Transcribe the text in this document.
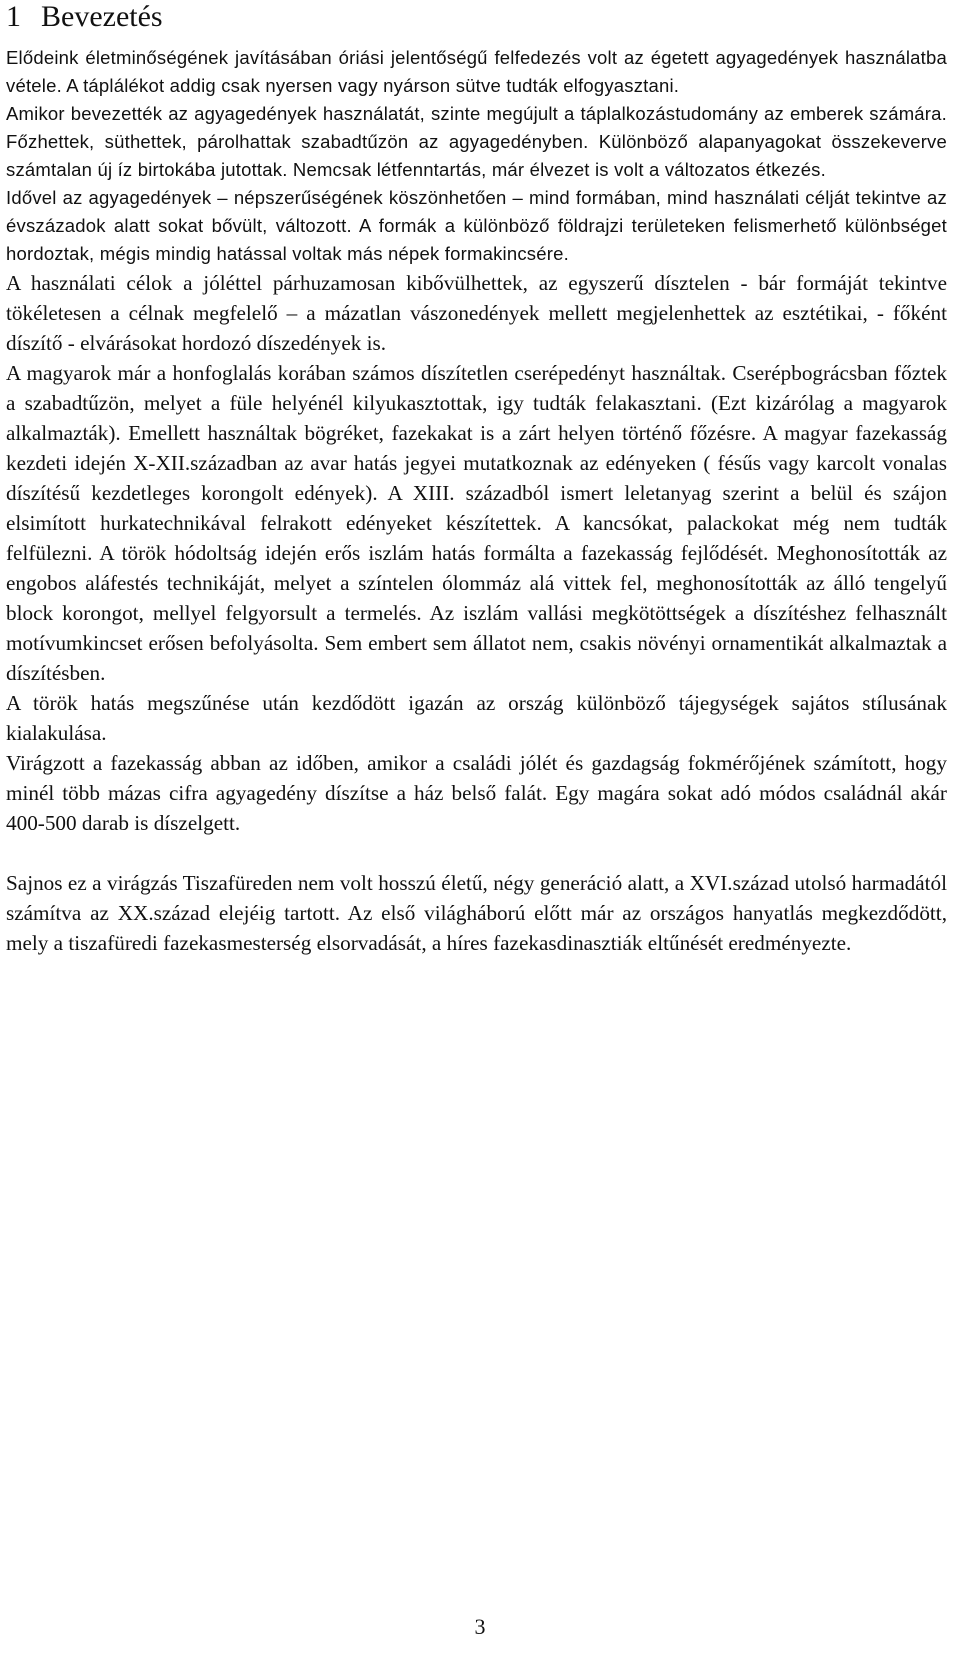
1 Bevezetés

Elődeink életminőségének javításában óriási jelentőségű felfedezés volt az égetett agyagedények használatba vétele. A táplálékot addig csak nyersen vagy nyárson sütve tudták elfogyasztani.

Amikor bevezették az agyagedények használatát, szinte megújult a táplalkozástudomány az emberek számára. Főzhettek, süthettek, párolhattak szabadtűzön az agyagedényben. Különböző alapanyagokat összekeverve számtalan új íz birtokába jutottak. Nemcsak létfenntartás, már élvezet is volt a változatos étkezés.

Idővel az agyagedények – népszerűségének köszönhetően – mind formában, mind használati célját tekintve az évszázadok alatt sokat bővült, változott. A formák a különböző földrajzi területeken felismerhető különbséget hordoztak, mégis mindig hatással voltak más népek formakincsére.

A használati célok a jóléttel párhuzamosan kibővülhettek, az egyszerű dísztelen - bár formáját tekintve tökéletesen a célnak megfelelő – a mázatlan vászonedények mellett megjelenhettek az esztétikai, - főként díszítő - elvárásokat hordozó díszedények is.

A magyarok már a honfoglalás korában számos díszítetlen cserépedényt használtak. Cserépbográcsban főztek a szabadtűzön, melyet a füle helyénél kilyukasztottak, igy tudták felakasztani. (Ezt kizárólag a magyarok alkalmazták). Emellett használtak bögréket, fazekakat is a zárt helyen történő főzésre. A magyar fazekasság kezdeti idején X-XII.században az avar hatás jegyei mutatkoznak az edényeken ( fésűs vagy karcolt vonalas díszítésű kezdetleges korongolt edények). A XIII. századból ismert leletanyag szerint a belül és szájon elsimított hurkatechnikával felrakott edényeket készítettek. A kancsókat, palackokat még nem tudták felfülezni. A török hódoltság idején erős iszlám hatás formálta a fazekasság fejlődését. Meghonosították az engobos aláfestés technikáját, melyet a színtelen ólommáz alá vittek fel, meghonosították az álló tengelyű block korongot, mellyel felgyorsult a termelés. Az iszlám vallási megkötöttségek a díszítéshez felhasznált motívumkincset erősen befolyásolta. Sem embert sem állatot nem, csakis növényi ornamentikát alkalmaztak a díszítésben.

A török hatás megszűnése után kezdődött igazán az ország különböző tájegységek sajátos stílusának kialakulása.

Virágzott a fazekasság abban az időben, amikor a családi jólét és gazdagság fokmérőjének számított, hogy minél több mázas cifra agyagedény díszítse a ház belső falát. Egy magára sokat adó módos családnál akár 400-500 darab is díszelgett.

Sajnos ez a virágzás Tiszafüreden nem volt hosszú életű, négy generáció alatt, a XVI.század utolsó harmadától számítva az XX.század elejéig tartott. Az első világháború előtt már az országos hanyatlás megkezdődött, mely a tiszafüredi fazekasmesterség elsorvadását, a híres fazekasdinasztiák eltűnését eredményezte.

3
